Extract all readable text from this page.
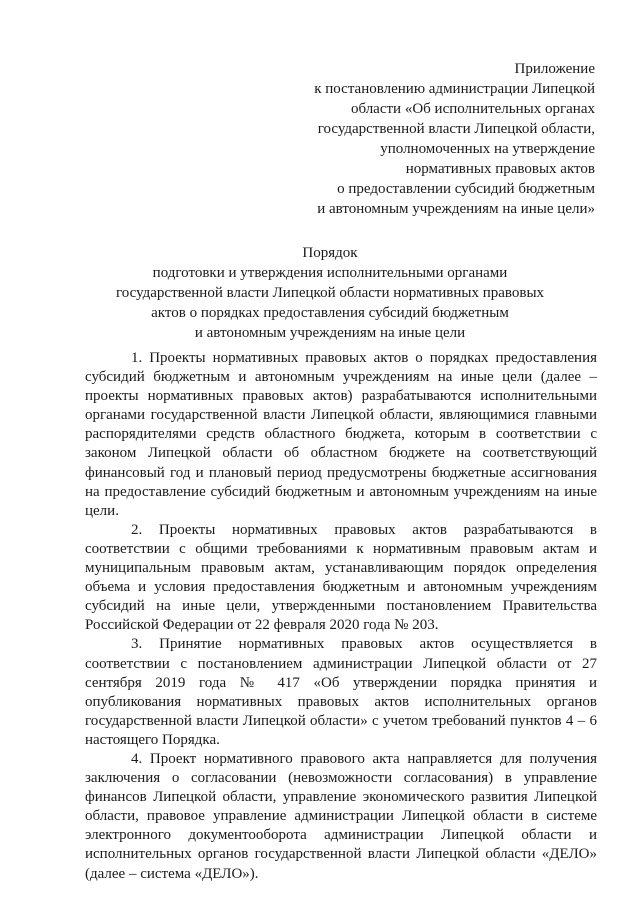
Приложение
к постановлению администрации Липецкой
области «Об исполнительных органах
государственной власти Липецкой области,
уполномоченных на утверждение
нормативных правовых актов
о предоставлении субсидий бюджетным
и автономным учреждениям на иные цели»
Порядок
подготовки и утверждения исполнительными органами
государственной власти Липецкой области нормативных правовых
актов о порядках предоставления субсидий бюджетным
и автономным учреждениям на иные цели

1. Проекты нормативных правовых актов о порядках предоставления субсидий бюджетным и автономным учреждениям на иные цели (далее – проекты нормативных правовых актов) разрабатываются исполнительными органами государственной власти Липецкой области, являющимися главными распорядителями средств областного бюджета, которым в соответствии с законом Липецкой области об областном бюджете на соответствующий финансовый год и плановый период предусмотрены бюджетные ассигнования на предоставление субсидий бюджетным и автономным учреждениям на иные цели.

2. Проекты нормативных правовых актов разрабатываются в соответствии с общими требованиями к нормативным правовым актам и муниципальным правовым актам, устанавливающим порядок определения объема и условия предоставления бюджетным и автономным учреждениям субсидий на иные цели, утвержденными постановлением Правительства Российской Федерации от 22 февраля 2020 года № 203.

3. Принятие нормативных правовых актов осуществляется в соответствии с постановлением администрации Липецкой области от 27 сентября 2019 года № 417 «Об утверждении порядка принятия и опубликования нормативных правовых актов исполнительных органов государственной власти Липецкой области» с учетом требований пунктов 4 – 6 настоящего Порядка.

4. Проект нормативного правового акта направляется для получения заключения о согласовании (невозможности согласования) в управление финансов Липецкой области, управление экономического развития Липецкой области, правовое управление администрации Липецкой области в системе электронного документооборота администрации Липецкой области и исполнительных органов государственной власти Липецкой области «ДЕЛО» (далее – система «ДЕЛО»).
